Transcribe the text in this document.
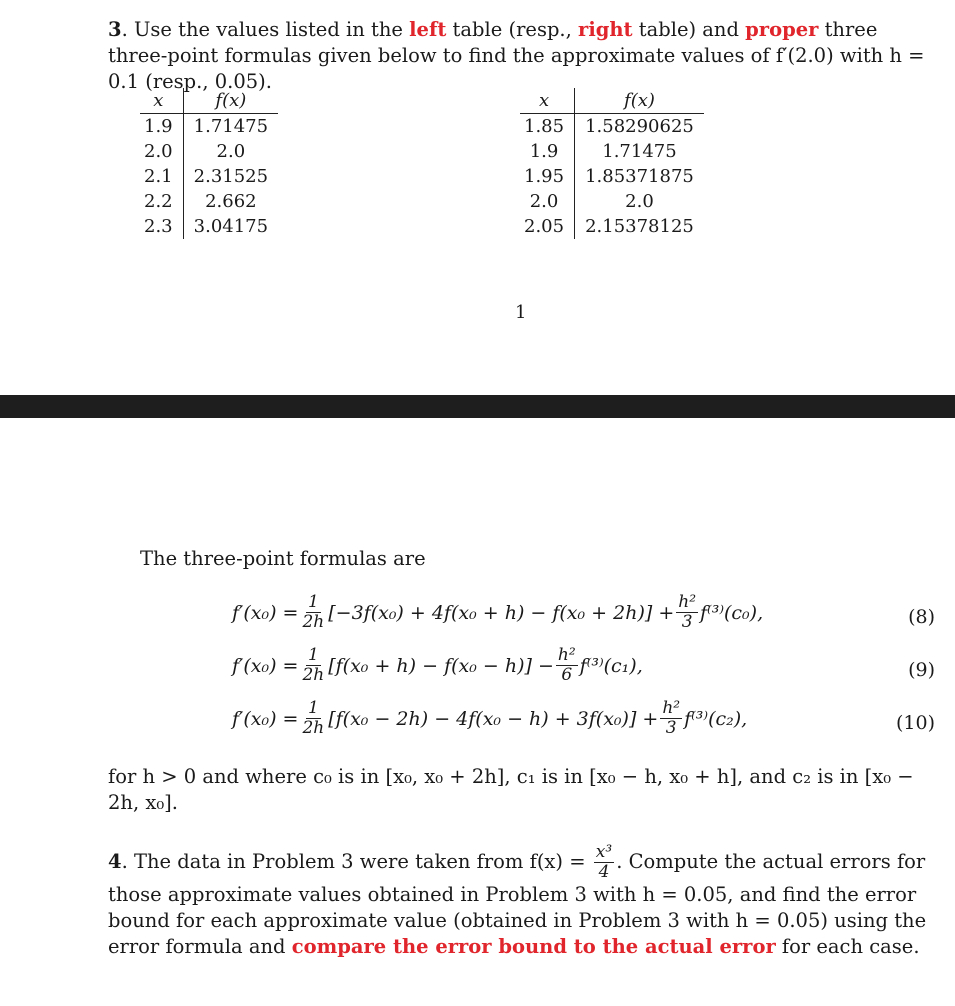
3. Use the values listed in the left table (resp., right table) and proper three three-point formulas given below to find the approximate values of f′(2.0) with h = 0.1 (resp., 0.05).
x	f(x)
1.9	1.71475
2.0	2.0
2.1	2.31525
2.2	2.662
2.3	3.04175
x	f(x)
1.85	1.58290625
1.9	1.71475
1.95	1.85371875
2.0	2.0
2.05	2.15378125
1
The three-point formulas are
$f'(x_0) = \frac{1}{2h} [-3f(x_0) + 4f(x_0 + h) - f(x_0 + 2h)] + \frac{\text{h²}}{3} f^{(3)}(c_0)$,	(8)
$f'(x_0) = \frac{1}{2h} [f(x_0 + h) - f(x_0 - h)] - \frac{\text{h²}}{6} f^{(3)}(c_1)$,	(9)
$f'(x_0) = \frac{1}{2h} [f(x_0 - 2h) - 4f(x_0 - h) + 3f(x_0)] + \frac{\text{h²}}{3} f^{(3)}(c_2)$,	(10)
for h > 0 and where c₀ is in [x₀, x₀ + 2h], c₁ is in [x₀ − h, x₀ + h], and c₂ is in [x₀ − 2h, x₀].
4. The data in Problem 3 were taken from $f(x) = \frac{\text{x³}}{4}$ . Compute the actual errors for those approximate values obtained in Problem 3 with h = 0.05, and find the error bound for each approximate value (obtained in Problem 3 with h = 0.05) using the error formula and compare the error bound to the actual error for each case.
